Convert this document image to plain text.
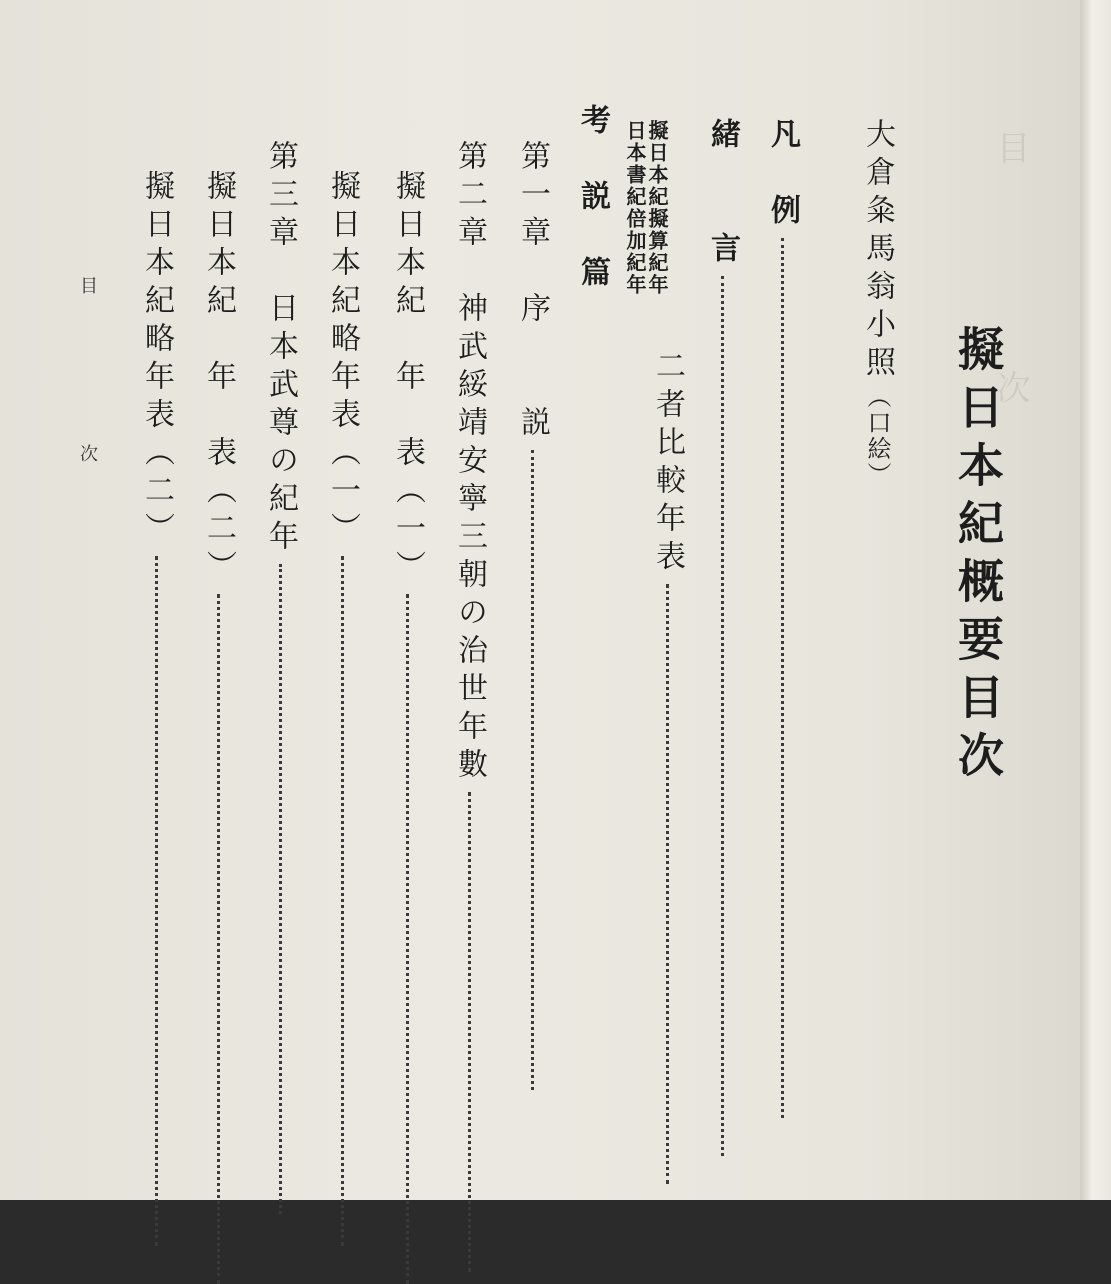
目　　　　　次
擬日本紀概要目次
大倉粂馬翁小照（口絵）
凡　例
緒　　言
日本書紀倍加紀年
擬日本紀擬算紀年
二者比較年表
考　説　篇
第一章　序　　説
第二章　神武綏靖安寧三朝の治世年數
擬日本紀　年　表（一）
擬日本紀略年表（一）
第三章　日本武尊の紀年
擬日本紀　年　表（二）
擬日本紀略年表（二）
目
次
